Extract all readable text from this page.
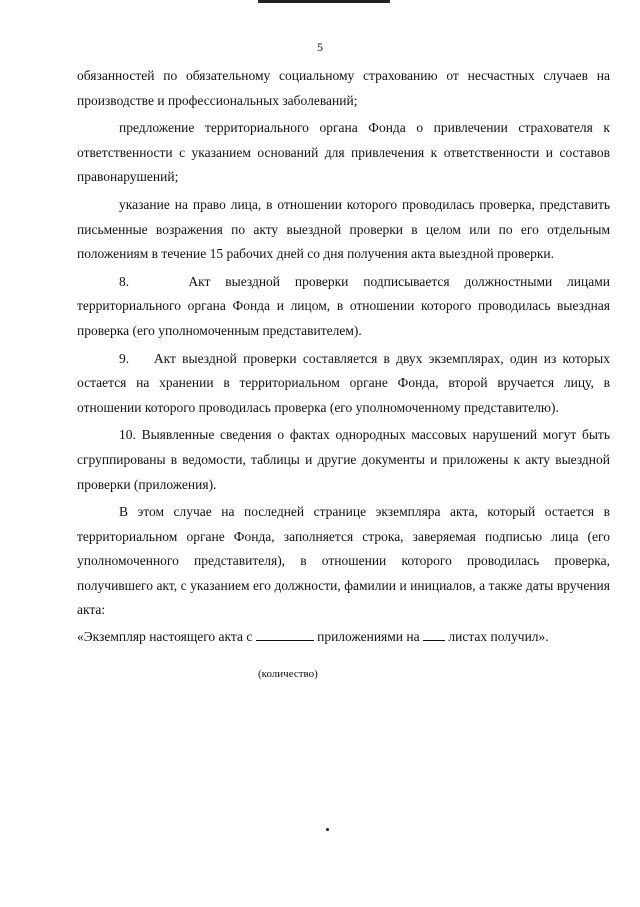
5

обязанностей по обязательному социальному страхованию от несчастных случаев на производстве и профессиональных заболеваний;

предложение территориального органа Фонда о привлечении страхователя к ответственности с указанием оснований для привлечения к ответственности и составов правонарушений;

указание на право лица, в отношении которого проводилась проверка, представить письменные возражения по акту выездной проверки в целом или по его отдельным положениям в течение 15 рабочих дней со дня получения акта выездной проверки.

8.    Акт выездной проверки подписывается должностными лицами территориального органа Фонда и лицом, в отношении которого проводилась выездная проверка (его уполномоченным представителем).

9.    Акт выездной проверки составляется в двух экземплярах, один из которых остается на хранении в территориальном органе Фонда, второй вручается лицу, в отношении которого проводилась проверка (его уполномоченному представителю).

10. Выявленные сведения о фактах однородных массовых нарушений могут быть сгруппированы в ведомости, таблицы и другие документы и приложены к акту выездной проверки (приложения).

В этом случае на последней странице экземпляра акта, который остается в территориальном органе Фонда, заполняется строка, заверяемая подписью лица (его уполномоченного представителя), в отношении которого проводилась проверка, получившего акт, с указанием его должности, фамилии и инициалов, а также даты вручения акта:

«Экземпляр настоящего акта с	приложениями на листах получил».

(количество)
